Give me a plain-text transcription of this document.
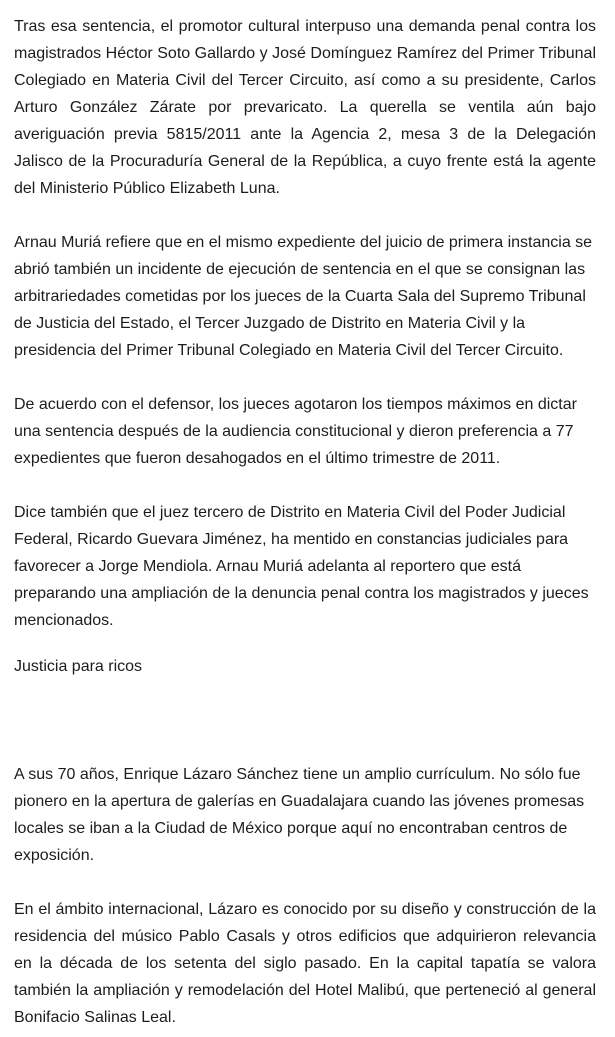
Tras esa sentencia, el promotor cultural interpuso una demanda penal contra los magistrados Héctor Soto Gallardo y José Domínguez Ramírez del Primer Tribunal Colegiado en Materia Civil del Tercer Circuito, así como a su presidente, Carlos Arturo González Zárate por prevaricato. La querella se ventila aún bajo averiguación previa 5815/2011 ante la Agencia 2, mesa 3 de la Delegación Jalisco de la Procuraduría General de la República, a cuyo frente está la agente del Ministerio Público Elizabeth Luna.

Arnau Muriá refiere que en el mismo expediente del juicio de primera instancia se abrió también un incidente de ejecución de sentencia en el que se consignan las arbitrariedades cometidas por los jueces de la Cuarta Sala del Supremo Tribunal de Justicia del Estado, el Tercer Juzgado de Distrito en Materia Civil y la presidencia del Primer Tribunal Colegiado en Materia Civil del Tercer Circuito.

De acuerdo con el defensor, los jueces agotaron los tiempos máximos en dictar una sentencia después de la audiencia constitucional y dieron preferencia a 77 expedientes que fueron desahogados en el último trimestre de 2011.

Dice también que el juez tercero de Distrito en Materia Civil del Poder Judicial Federal, Ricardo Guevara Jiménez, ha mentido en constancias judiciales para favorecer a Jorge Mendiola. Arnau Muriá adelanta al reportero que está preparando una ampliación de la denuncia penal contra los magistrados y jueces mencionados.

Justicia para ricos

A sus 70 años, Enrique Lázaro Sánchez tiene un amplio currículum. No sólo fue pionero en la apertura de galerías en Guadalajara cuando las jóvenes promesas locales se iban a la Ciudad de México porque aquí no encontraban centros de exposición.

En el ámbito internacional, Lázaro es conocido por su diseño y construcción de la residencia del músico Pablo Casals y otros edificios que adquirieron relevancia en la década de los setenta del siglo pasado. En la capital tapatía se valora también la ampliación y remodelación del Hotel Malibú, que perteneció al general Bonifacio Salinas Leal.
